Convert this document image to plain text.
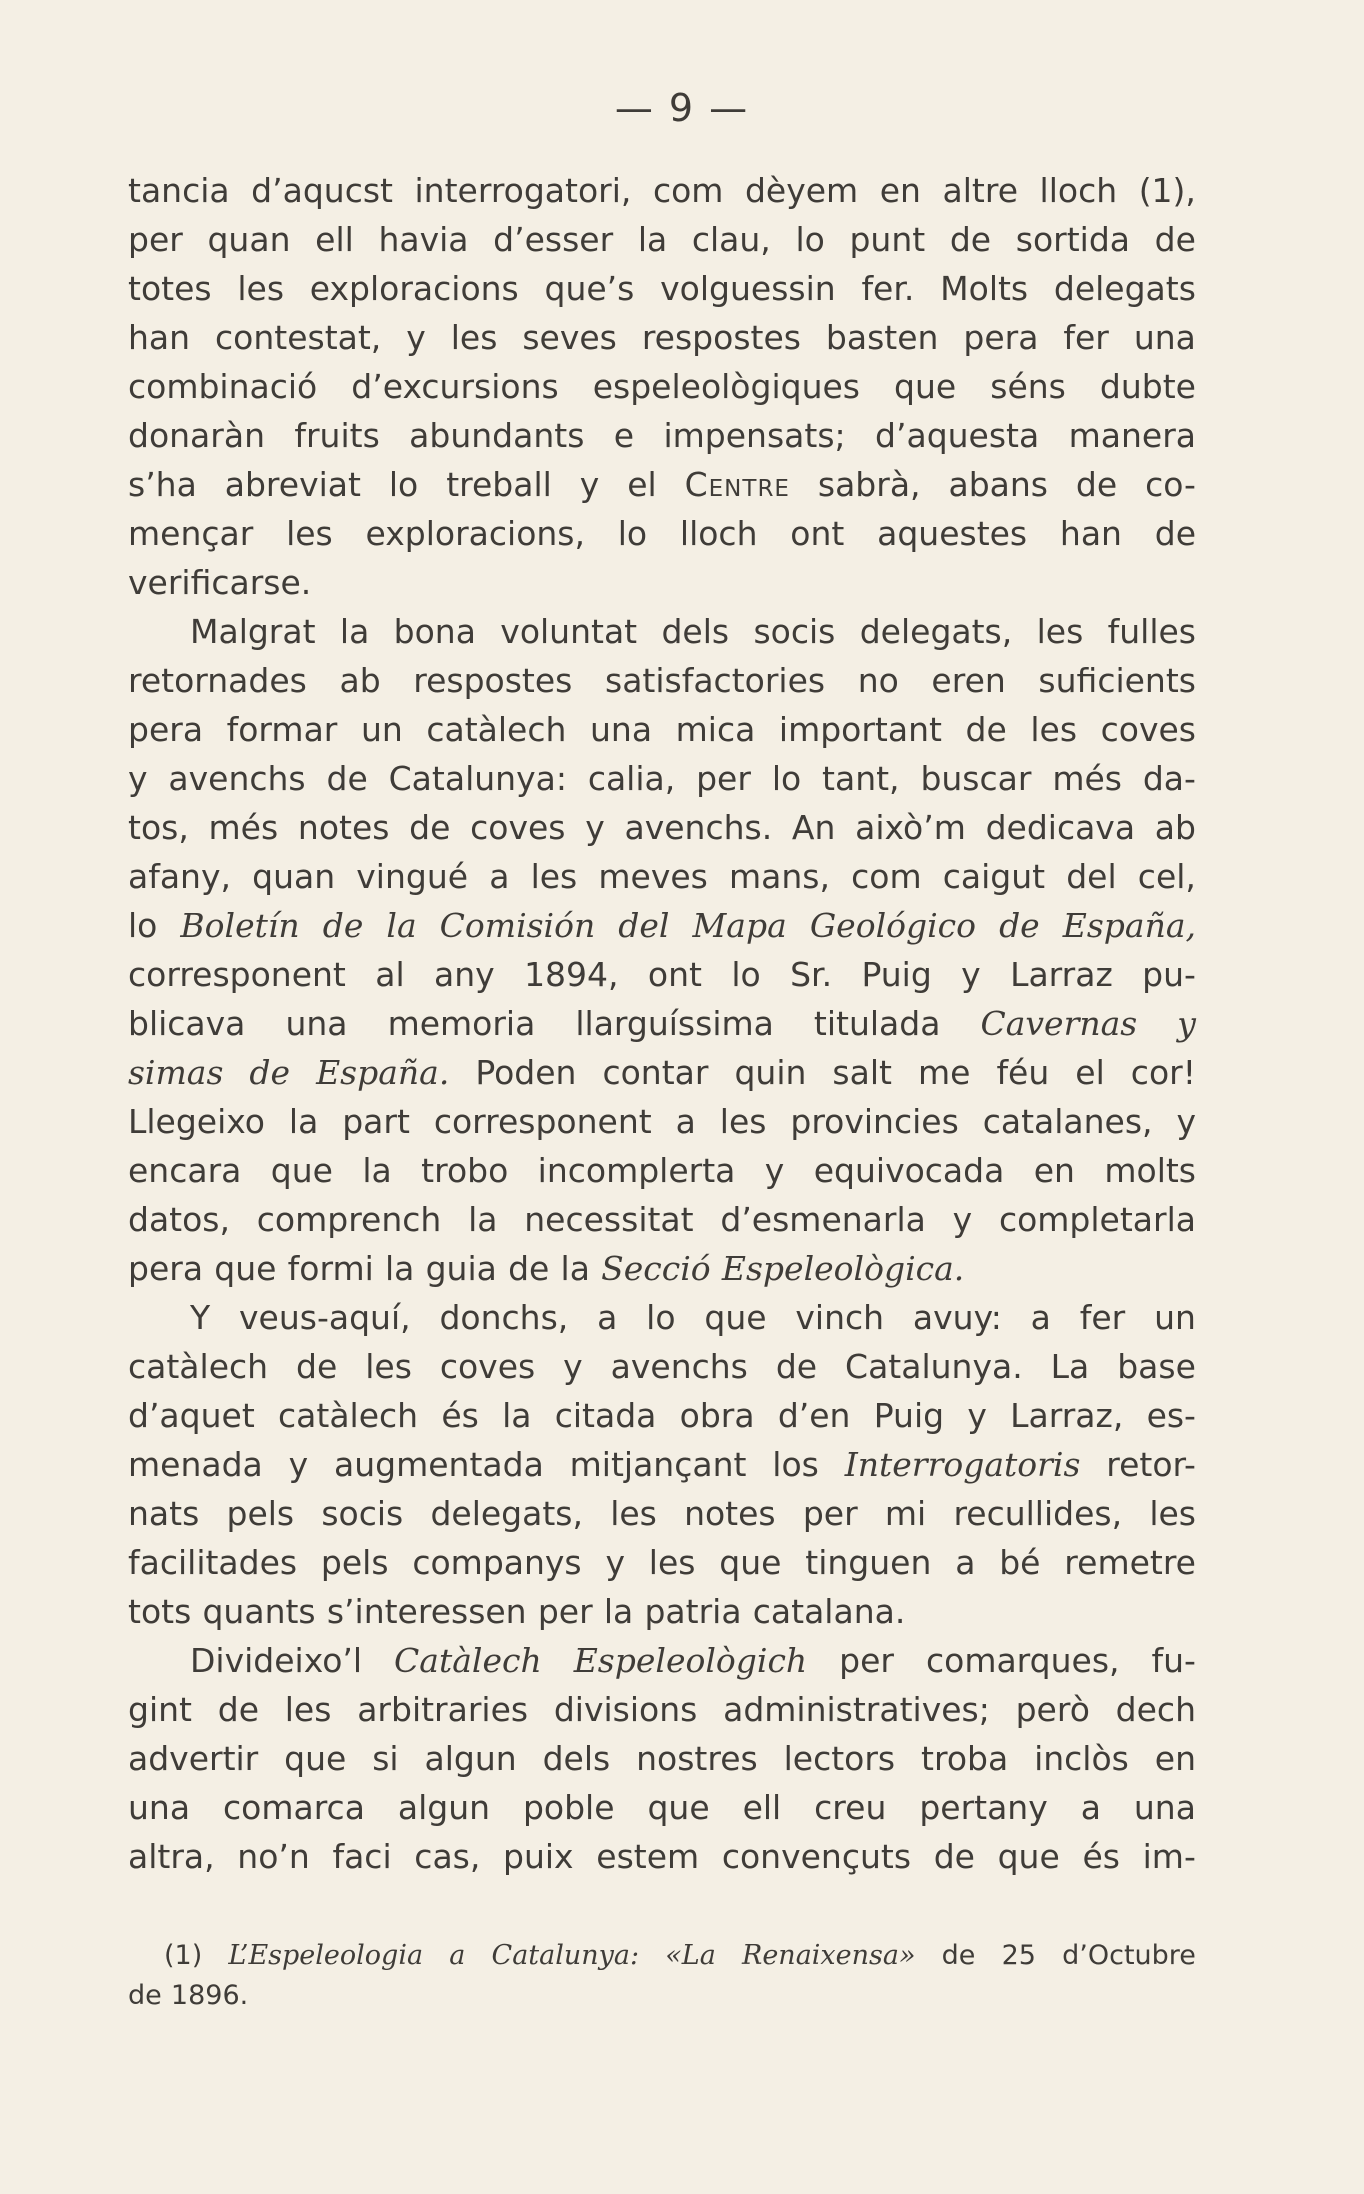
— 9 —
tancia d’aqucst interrogatori, com dèyem en altre lloch (1),
per quan ell havia d’esser la clau, lo punt de sortida de
totes les exploracions que’s volguessin fer. Molts delegats
han contestat, y les seves respostes basten pera fer una
combinació d’excursions espeleològiques que séns dubte
donaràn fruits abundants e impensats; d’aquesta manera
s’ha abreviat lo treball y el Centre sabrà, abans de co-
mençar les exploracions, lo lloch ont aquestes han de
verificarse.
Malgrat la bona voluntat dels socis delegats, les fulles
retornades ab respostes satisfactories no eren suficients
pera formar un catàlech una mica important de les coves
y avenchs de Catalunya: calia, per lo tant, buscar més da-
tos, més notes de coves y avenchs. An això’m dedicava ab
afany, quan vingué a les meves mans, com caigut del cel,
lo Boletín de la Comisión del Mapa Geológico de España,
corresponent al any 1894, ont lo Sr. Puig y Larraz pu-
blicava una memoria llarguíssima titulada Cavernas y
simas de España. Poden contar quin salt me féu el cor!
Llegeixo la part corresponent a les provincies catalanes, y
encara que la trobo incomplerta y equivocada en molts
datos, comprench la necessitat d’esmenarla y completarla
pera que formi la guia de la Secció Espeleològica.
Y veus-aquí, donchs, a lo que vinch avuy: a fer un
catàlech de les coves y avenchs de Catalunya. La base
d’aquet catàlech és la citada obra d’en Puig y Larraz, es-
menada y augmentada mitjançant los Interrogatoris retor-
nats pels socis delegats, les notes per mi recullides, les
facilitades pels companys y les que tinguen a bé remetre
tots quants s’interessen per la patria catalana.
Divideixo’l Catàlech Espeleològich per comarques, fu-
gint de les arbitraries divisions administratives; però dech
advertir que si algun dels nostres lectors troba inclòs en
una comarca algun poble que ell creu pertany a una
altra, no’n faci cas, puix estem convençuts de que és im-
(1) L’Espeleologia a Catalunya: «La Renaixensa» de 25 d’Octubre
de 1896.
